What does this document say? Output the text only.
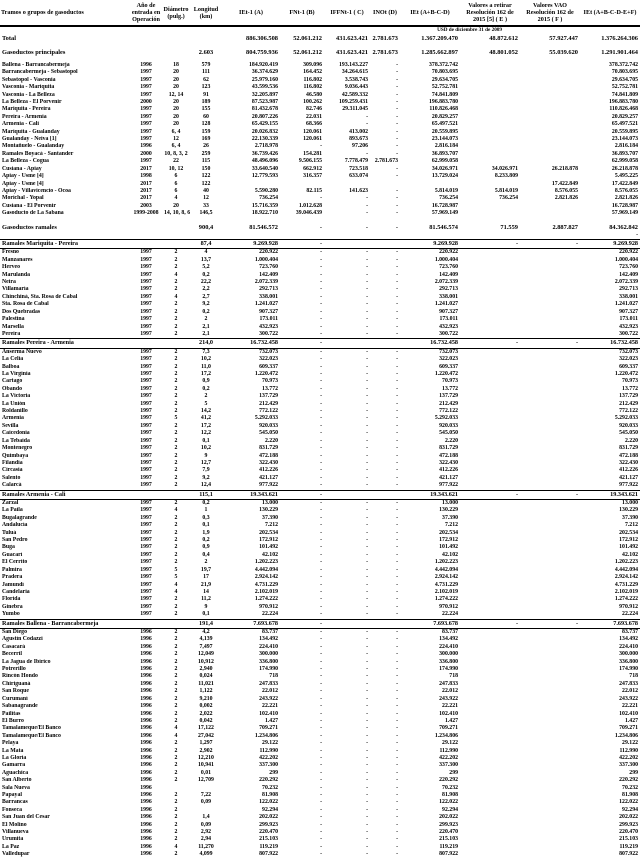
Tramos o grupos de gasoductos	Año de entrada en Operación	Diámetro (pulg.)	Longitud (km)	IEt-1 (A)	FNt-1 (B)	IFFNt-1 ( C)	INOt (D)	IEt (A+B-C-D)	Valores a retirar Resolución 162 de 2015 [5] ( E )	Valores VAO Resolución 162 de 2015 ( F )	IEt (A+B-C-D-E+F)
USD de diciembre 31 de 2009											
Total				886.306.508	52.061.212	431.623.421	2.781.673	1.367.209.470	48.872.612	57.927.447	1.376.264.306

Gasoductos principales			2.603	804.759.936	52.061.212	431.623.421	2.781.673	1.285.662.897	48.801.052	55.039.620	1.291.901.464

Ballena - Barrancabermeja	1996	18	579	184.920.419	309.096	193.143.227	-	378.372.742			378.372.742
Barrancabermeja - Sebastopol	1997	20	111	36.374.629	164.452	34.264.615	-	70.803.695			70.803.695
Sebastopol - Vasconia	1997	20	62	25.979.160	116.802	3.538.743	-	29.634.705			29.634.705
Vasconia - Mariquita	1997	20	123	43.599.536	116.802	9.036.443	-	52.752.781			52.752.781
Vasconia - La Belleza	1997	12, 14	91	32.205.897	46.580	42.589.332	-	74.841.809			74.841.809
La Belleza - El Porvenir	2000	20	189	87.523.987	100.262	109.259.431	-	196.883.780			196.883.780
Mariquita - Pereira	1997	20	155	81.432.678	82.746	29.311.045	-	110.826.468			110.826.468
Pereira - Armenia	1997	20	60	20.807.226	22.031	-	-	20.829.257			20.829.257
Armenia - Cali	1997	20	128	65.429.155	68.366	-	-	65.497.521			65.497.521
Mariquita - Gualanday	1997	6, 4	159	20.026.832	120.061	413.002	-	20.559.895			20.559.895
Gualanday - Neiva [1]	1997	12	169	22.130.339	120.061	893.673	-	23.144.073			23.144.073
Montañuelo - Gualanday	1996	6, 4	26	2.718.978	-	97.206	-	2.816.184			2.816.184
Ramales Boyacá - Santander	2000	10, 8, 3, 2	259	36.739.426	154.281	-	-	36.893.707			36.893.707
La Belleza - Cogua	1997	22	115	48.496.096	9.506.155	7.778.479	2.781.673	62.999.058			62.999.058
Cusiana - Apiay	2017	10, 12	150	33.640.540	662.912	723.518	-	34.026.971	34.026.971	26.218.878	26.218.878
Apiay - Usme [4]	1998	6	122	12.779.593	316.357	633.074	-	13.729.024	8.233.809		5.495.225
Apiay - Usme [4]	2017	6	122							17.422.849	17.422.849
Apiay - Villavicencio - Ocoa	2017	6	40	5.590.280	82.115	141.623	-	5.814.019	5.814.019	8.576.055	8.576.055
Morichal - Yopal	2017	4	12	736.254	-	-	-	736.254	736.254	2.821.826	2.821.826
Cusiana - El Porvenir	2003	20	33	15.716.359	1.012.628	-	-	16.728.987			16.728.987
Gasoducto de La Sabana	1999-2008	14, 10, 8, 6	146,5	18.922.710	39.046.439	-	-	57.969.149			57.969.149

Gasoductos ramales			900,4	81.546.572	-	-	-	81.546.574	71.559	2.887.827	84.362.842
											-
Ramales Mariquita - Pereira			87,4	9.269.928	-			9.269.928	-	-	9.269.928
Fresno	1997	2	4	220.922	-	-	-	220.922			220.922
Manzanares	1997	2	13,7	1.000.404	-	-	-	1.000.404			1.000.404
Herveo	1997	2	5,2	723.760	-	-	-	723.760			723.760
Marulanda	1997	4	0,2	142.409	-	-	-	142.409			142.409
Neira	1997	2	22,2	2.072.339	-	-	-	2.072.339			2.072.339
Villamaría	1997	2	2,2	292.713	-	-	-	292.713			292.713
Chinchiná, Sta. Rosa de Cabal	1997	4	2,7	338.001	-	-	-	338.001			338.001
Sta. Rosa de Cabal	1997	2	9,2	1.241.027	-	-	-	1.241.027			1.241.027
Dos Quebradas	1997	2	0,2	907.327	-	-	-	907.327			907.327
Palestina	1997	2	2	173.011	-	-	-	173.011			173.011
Marsella	1997	2	2,1	432.923	-	-	-	432.923			432.923
Pereira	1997	2	2,1	300.722	-	-	-	300.722			300.722
Ramales Pereira - Armenia			214,0	16.732.458	-			16.732.458	-	-	16.732.458
Anserma Nuevo	1997	2	7,3	732.073	-	-	-	732.073			732.073
La Celia	1997	2	10,2	322.023	-	-	-	322.023			322.023
Balboa	1997	2	11,0	609.337	-	-	-	609.337			609.337
La Virginia	1997	2	17,2	1.220.472	-	-	-	1.220.472			1.220.472
Cartago	1997	2	0,9	70.973	-	-	-	70.973			70.973
Obando	1997	2	0,2	13.772	-	-	-	13.772			13.772
La Victoria	1997	2	2	137.729	-	-	-	137.729			137.729
La Unión	1997	2	5	212.429	-	-	-	212.429			212.429
Roldanillo	1997	2	14,2	772.122	-	-	-	772.122			772.122
Armenia	1997	5	41,2	5.292.033	-	-	-	5.292.033			5.292.033
Sevilla	1997	2	17,2	920.033	-	-	-	920.033			920.033
Caicedonia	1997	2	12,2	545.050	-	-	-	545.050			545.050
La Tebaida	1997	2	0,1	2.220	-	-	-	2.220			2.220
Montenegro	1997	2	10,2	831.729	-	-	-	831.729			831.729
Quimbaya	1997	2	9	472.188	-	-	-	472.188			472.188
Filandia	1997	2	12,7	322.430	-	-	-	322.430			322.430
Circasia	1997	2	7,9	412.226	-	-	-	412.226			412.226
Salento	1997	2	9,2	421.127	-	-	-	421.127			421.127
Calarcá	1997	2	12,4	977.922	-	-	-	977.922			977.922
Ramales Armenia - Cali			115,1	19.343.621	-			19.343.621	-	-	19.343.621
Zarzal	1997	2	0,2	13.000	-	-	-	13.000			13.000
La Paila	1997	4	1	130.229	-	-	-	130.229			130.229
Bugalagrande	1997	2	0,3	37.390	-	-	-	37.390			37.390
Andalucía	1997	2	0,1	7.212	-	-	-	7.212			7.212
Tuluá	1997	2	1,9	202.534	-	-	-	202.534			202.534
San Pedro	1997	2	0,2	172.912	-	-	-	172.912			172.912
Buga	1997	2	0,9	101.492	-	-	-	101.492			101.492
Guacarí	1997	2	0,4	42.102	-	-	-	42.102			42.102
El Cerrito	1997	2	2	1.202.223	-	-	-	1.202.223			1.202.223
Palmira	1997	5	19,7	4.442.094	-	-	-	4.442.094			4.442.094
Pradera	1997	5	17	2.924.142	-	-	-	2.924.142			2.924.142
Jamundí	1997	4	21,9	4.731.229	-	-	-	4.731.229			4.731.229
Candelaria	1997	4	14	2.102.019	-	-	-	2.102.019			2.102.019
Florida	1997	2	11,2	1.274.222	-	-	-	1.274.222			1.274.222
Ginebra	1997	2	9	970.912	-	-	-	970.912			970.912
Yumbo	1997	2	0,1	22.224	-	-	-	22.224			22.224
Ramales Ballena - Barrancabermeja			191,4	7.693.678	-			7.693.678	-	-	7.693.678
San Diego	1996	2	4,2	83.737	-	-	-	83.737			83.737
Agustín Codazzi	1996	2	4,139	134.492	-	-	-	134.492			134.492
Casacará	1996	2	7,497	224.410	-	-	-	224.410			224.410
Becerril	1996	2	12,049	300.000	-	-	-	300.000			300.000
La Jagua de Ibirico	1996	2	10,912	336.800	-	-	-	336.800			336.800
Potrerillo	1996	2	2,940	174.990	-	-	-	174.990			174.990
Rincón Hondo	1996	2	0,024	718	-	-	-	718			718
Chiriguaná	1996	2	11,021	247.833	-	-	-	247.833			247.833
San Roque	1996	2	1,122	22.012	-	-	-	22.012			22.012
Curumaní	1996	2	9,210	243.922	-	-	-	243.922			243.922
Sabanagrande	1996	2	0,002	22.221	-	-	-	22.221			22.221
Pailitas	1996	2	2,022	102.410	-	-	-	102.410			102.410
El Burro	1996	2	0,042	1.427	-	-	-	1.427			1.427
Tamalameque/El Banco	1996	4	17,122	709.271	-	-	-	709.271			709.271
Tamalameque/El Banco	1996	4	27,042	1.234.806	-	-	-	1.234.806			1.234.806
Pelaya	1996	2	1,297	29.122	-	-	-	29.122			29.122
La Mata	1996	2	2,902	112.990	-	-	-	112.990			112.990
La Gloria	1996	2	12,210	422.202	-	-	-	422.202			422.202
Gamarra	1996	2	10,941	337.300	-	-	-	337.300			337.300
Aguachica	1996	2	0,01	299	-	-	-	299			299
San Alberto	1996	2	12,709	220.292	-	-	-	220.292			220.292
Sala Nueva	1996			70.232	-	-	-	70.232			70.232
Papayal	1996	2	7,22	81.908	-	-	-	81.908			81.908
Barrancas	1996	2	0,09	122.022	-	-	-	122.022			122.022
Fonseca	1996	2		92.294	-	-	-	92.294			92.294
San Juan del Cesar	1996	2	1,4	202.022	-	-	-	202.022			202.022
El Molino	1996	2	0,09	299.923	-	-	-	299.923			299.923
Villanueva	1996	2	2,92	220.470	-	-	-	220.470			220.470
Urumita	1996	2	2,94	215.103	-	-	-	215.103			215.103
La Paz	1996	4	11,270	119.219	-	-	-	119.219			119.219
Valledupar	1996	2	4,099	807.922	-	-	-	807.922			807.922
